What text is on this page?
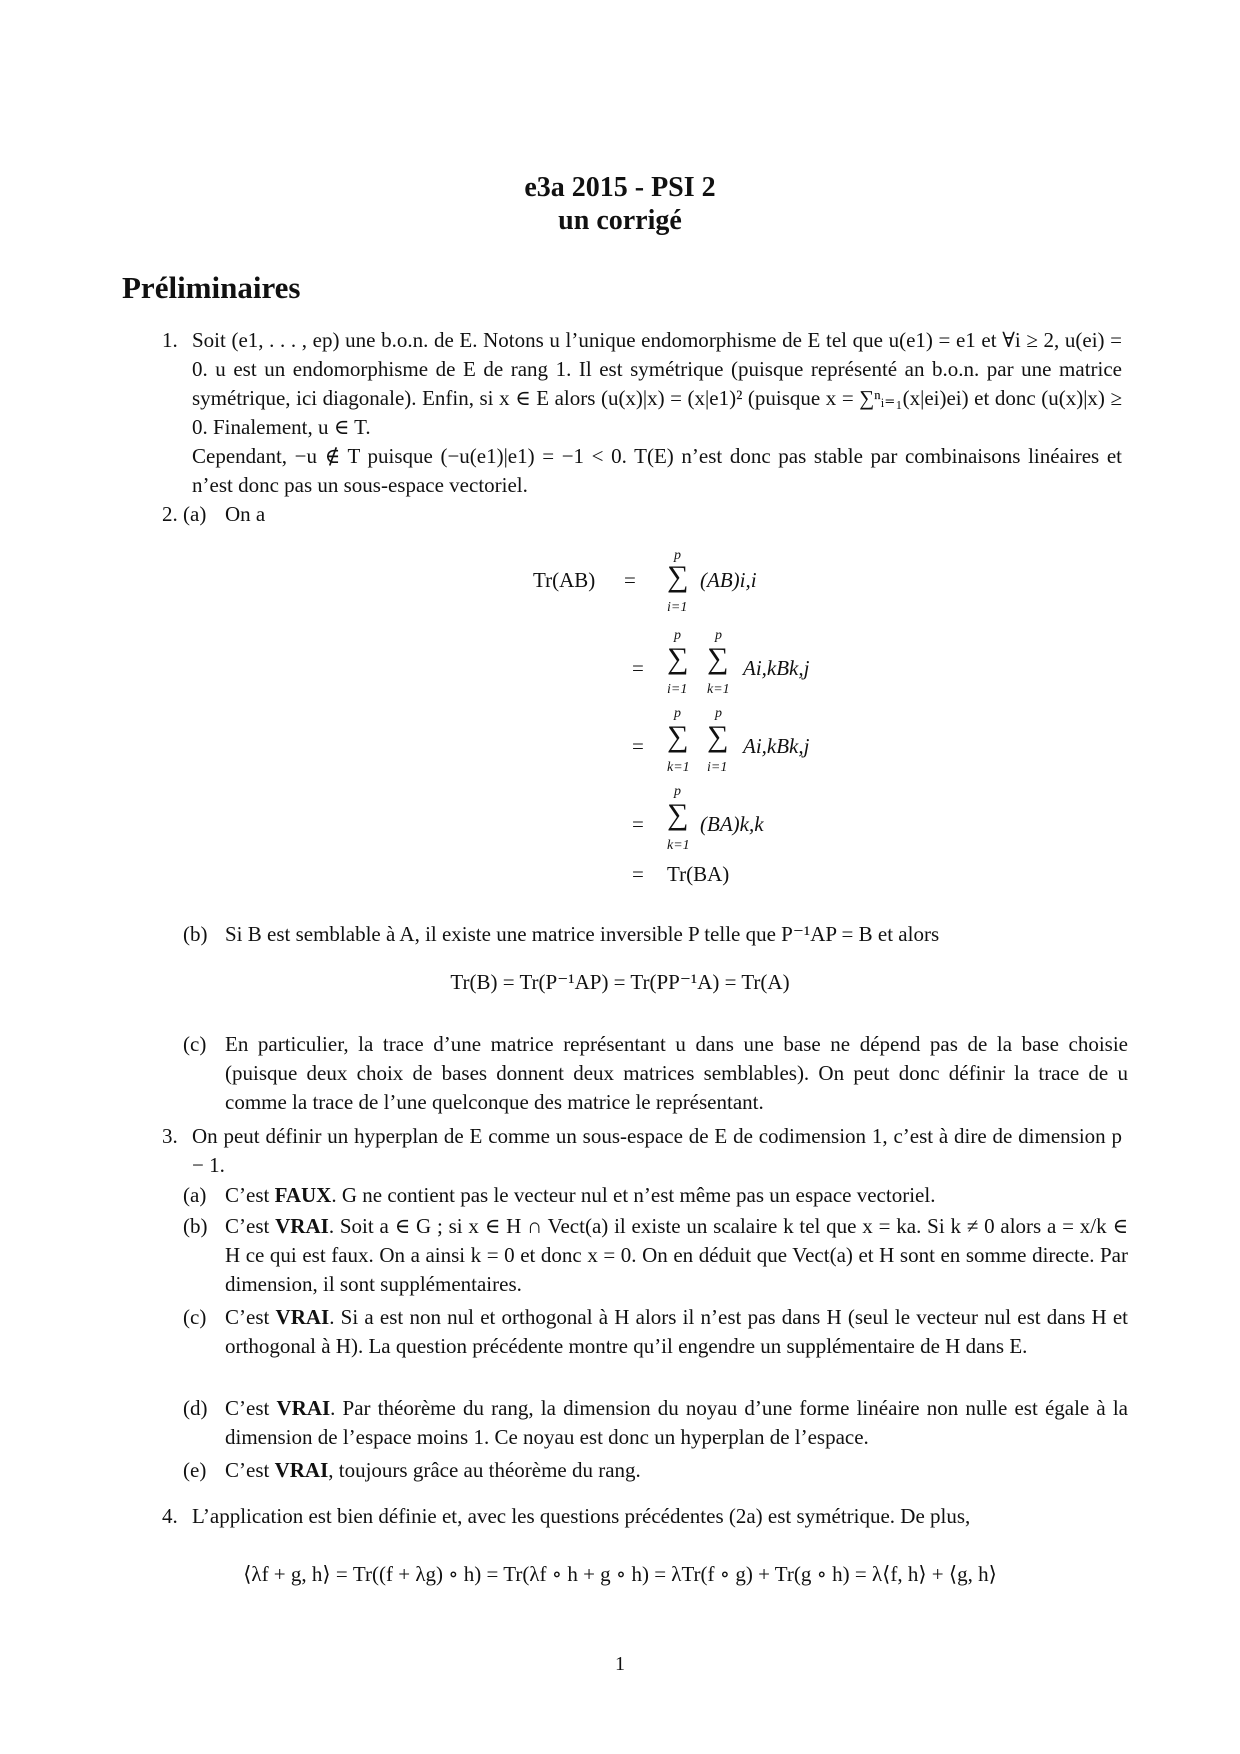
e3a 2015 - PSI 2
un corrigé
Préliminaires
1. Soit (e1, . . . , ep) une b.o.n. de E. Notons u l’unique endomorphisme de E tel que u(e1) = e1 et ∀i ≥ 2, u(ei) = 0. u est un endomorphisme de E de rang 1. Il est symétrique (puisque représenté an b.o.n. par une matrice symétrique, ici diagonale). Enfin, si x ∈ E alors (u(x)|x) = (x|e1)² (puisque x = ∑ⁿᵢ₌₁(x|ei)ei) et donc (u(x)|x) ≥ 0. Finalement, u ∈ T.
Cependant, −u ∉ T puisque (−u(e1)|e1) = −1 < 0. T(E) n’est donc pas stable par combinaisons linéaires et n’est donc pas un sous-espace vectoriel.
2. (a) On a
Tr(AB) =
p
∑
i=1
(AB)i,i
=
p
∑
i=1
p
∑
k=1
Ai,kBk,j
=
p
∑
k=1
p
∑
i=1
Ai,kBk,j
=
p
∑
k=1
(BA)k,k
= Tr(BA)
(b) Si B est semblable à A, il existe une matrice inversible P telle que P⁻¹AP = B et alors
Tr(B) = Tr(P⁻¹AP) = Tr(PP⁻¹A) = Tr(A)
(c) En particulier, la trace d’une matrice représentant u dans une base ne dépend pas de la base choisie (puisque deux choix de bases donnent deux matrices semblables). On peut donc définir la trace de u comme la trace de l’une quelconque des matrice le représentant.
3. On peut définir un hyperplan de E comme un sous-espace de E de codimension 1, c’est à dire de dimension p − 1.
(a) C’est FAUX. G ne contient pas le vecteur nul et n’est même pas un espace vectoriel.
(b) C’est VRAI. Soit a ∈ G ; si x ∈ H ∩ Vect(a) il existe un scalaire k tel que x = ka. Si k ≠ 0 alors a = x/k ∈ H ce qui est faux. On a ainsi k = 0 et donc x = 0. On en déduit que Vect(a) et H sont en somme directe. Par dimension, il sont supplémentaires.
(c) C’est VRAI. Si a est non nul et orthogonal à H alors il n’est pas dans H (seul le vecteur nul est dans H et orthogonal à H). La question précédente montre qu’il engendre un supplémentaire de H dans E.
(d) C’est VRAI. Par théorème du rang, la dimension du noyau d’une forme linéaire non nulle est égale à la dimension de l’espace moins 1. Ce noyau est donc un hyperplan de l’espace.
(e) C’est VRAI, toujours grâce au théorème du rang.
4. L’application est bien définie et, avec les questions précédentes (2a) est symétrique. De plus,
⟨λf + g, h⟩ = Tr((f + λg) ∘ h) = Tr(λf ∘ h + g ∘ h) = λTr(f ∘ g) + Tr(g ∘ h) = λ⟨f, h⟩ + ⟨g, h⟩
1
